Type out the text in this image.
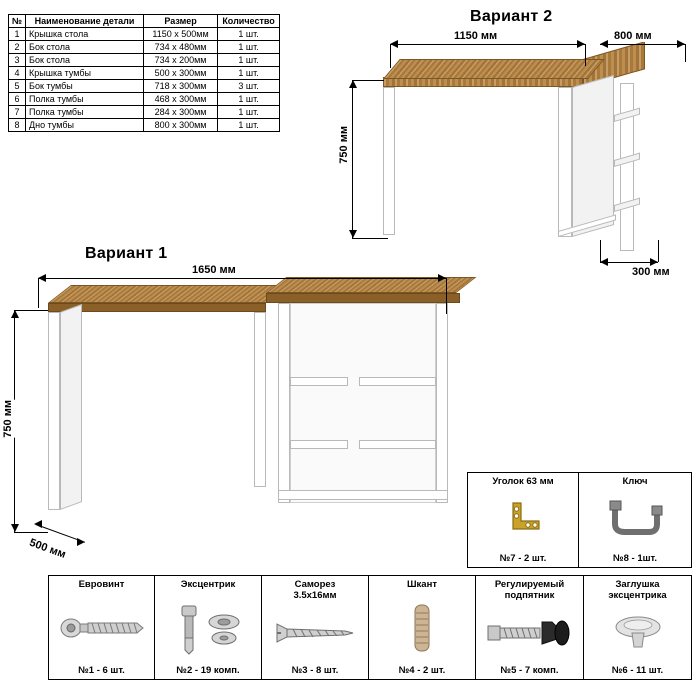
№	Наименование детали	Размер	Количество
1	Крышка стола	1150 x 500мм	1 шт.
2	Бок стола	734 х 480мм	1 шт.
3	Бок стола	734 х 200мм	1 шт.
4	Крышка тумбы	500 x 300мм	1 шт.
5	Бок тумбы	718 x 300мм	3 шт.
6	Полка тумбы	468 x 300мм	1 шт.
7	Полка тумбы	284 x 300мм	1 шт.
8	Дно тумбы	800 x 300мм	1 шт.
Вариант 2
1150 мм	800 мм
750 мм
300 мм
Вариант 1
1650 мм
750 мм
500 мм
Уголок 63 мм
№7 - 2 шт.
Ключ
№8 - 1шт.
Евровинт
№1 - 6 шт.
Эксцентрик
№2 - 19 комп.
Саморез
3.5х16мм
№3 - 8 шт.
Шкант
№4 - 2 шт.
Регулируемый
подпятник
№5 - 7 комп.
Заглушка
эксцентрика
№6 - 11 шт.
